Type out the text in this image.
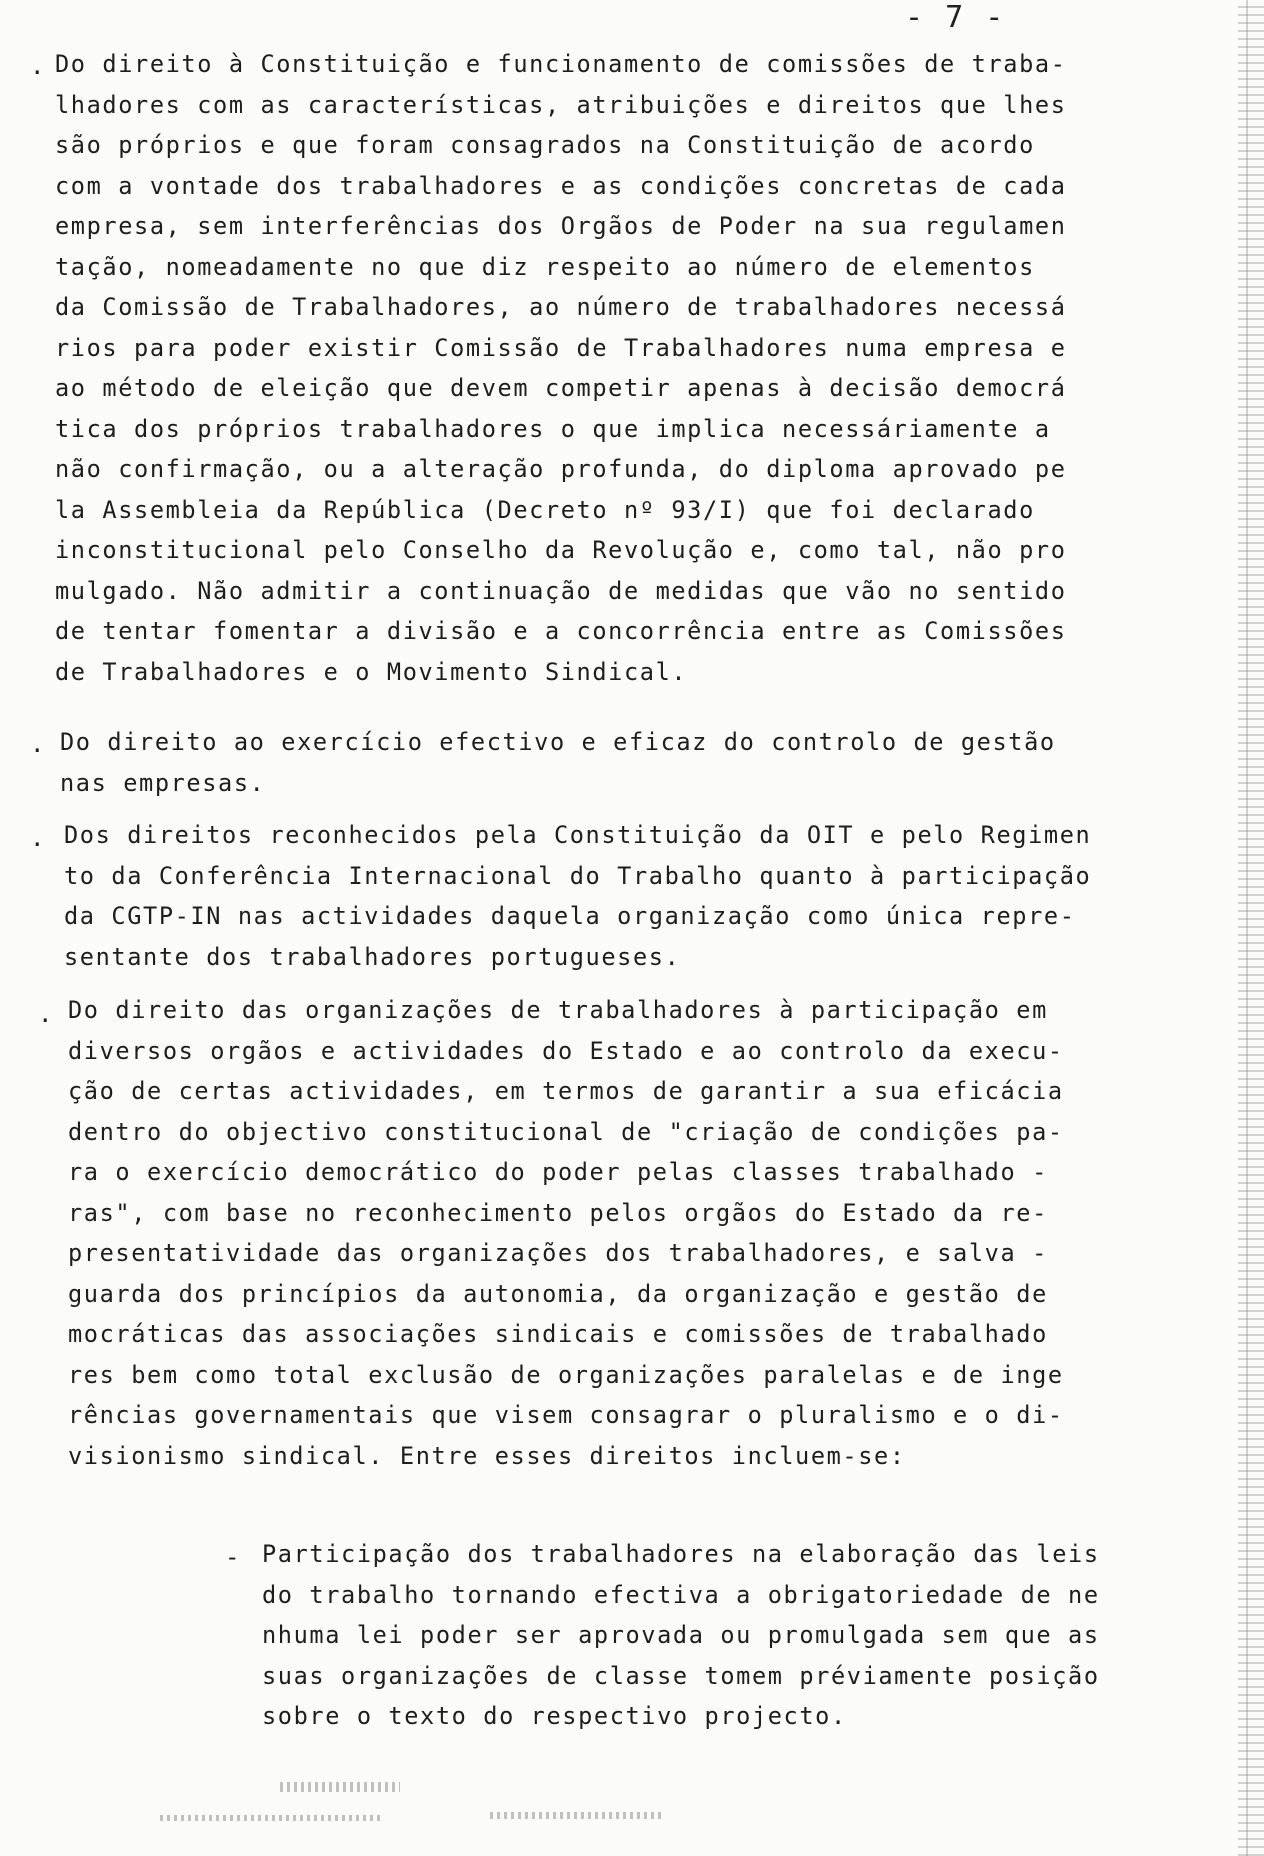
- 7 -
. Do direito à Constituição e funcionamento de comissões de traba-
lhadores com as características, atribuições e direitos que lhes
são próprios e que foram consagrados na Constituição de acordo
com a vontade dos trabalhadores e as condições concretas de cada
empresa, sem interferências dos Orgãos de Poder na sua regulamen
tação, nomeadamente no que diz respeito ao número de elementos
da Comissão de Trabalhadores, ao número de trabalhadores necessá
rios para poder existir Comissão de Trabalhadores numa empresa e
ao método de eleição que devem competir apenas à decisão democrá
tica dos próprios trabalhadores o que implica necessáriamente a
não confirmação, ou a alteração profunda, do diploma aprovado pe
la Assembleia da República (Decreto nº 93/I) que foi declarado
inconstitucional pelo Conselho da Revolução e, como tal, não pro
mulgado. Não admitir a continuação de medidas que vão no sentido
de tentar fomentar a divisão e a concorrência entre as Comissões
de Trabalhadores e o Movimento Sindical.
. Do direito ao exercício efectivo e eficaz do controlo de gestão
nas empresas.
. Dos direitos reconhecidos pela Constituição da OIT e pelo Regimen
to da Conferência Internacional do Trabalho quanto à participação
da CGTP-IN nas actividades daquela organização como única repre-
sentante dos trabalhadores portugueses.
. Do direito das organizações de trabalhadores à participação em
diversos orgãos e actividades do Estado e ao controlo da execu-
ção de certas actividades, em termos de garantir a sua eficácia
dentro do objectivo constitucional de "criação de condições pa-
ra o exercício democrático do poder pelas classes trabalhado -
ras", com base no reconhecimento pelos orgãos do Estado da re-
presentatividade das organizações dos trabalhadores, e salva -
guarda dos princípios da autonomia, da organização e gestão de
mocráticas das associações sindicais e comissões de trabalhado
res bem como total exclusão de organizações paralelas e de inge
rências governamentais que visem consagrar o pluralismo e o di-
visionismo sindical. Entre esses direitos incluem-se:
- Participação dos trabalhadores na elaboração das leis
do trabalho tornando efectiva a obrigatoriedade de ne
nhuma lei poder ser aprovada ou promulgada sem que as
suas organizações de classe tomem préviamente posição
sobre o texto do respectivo projecto.
